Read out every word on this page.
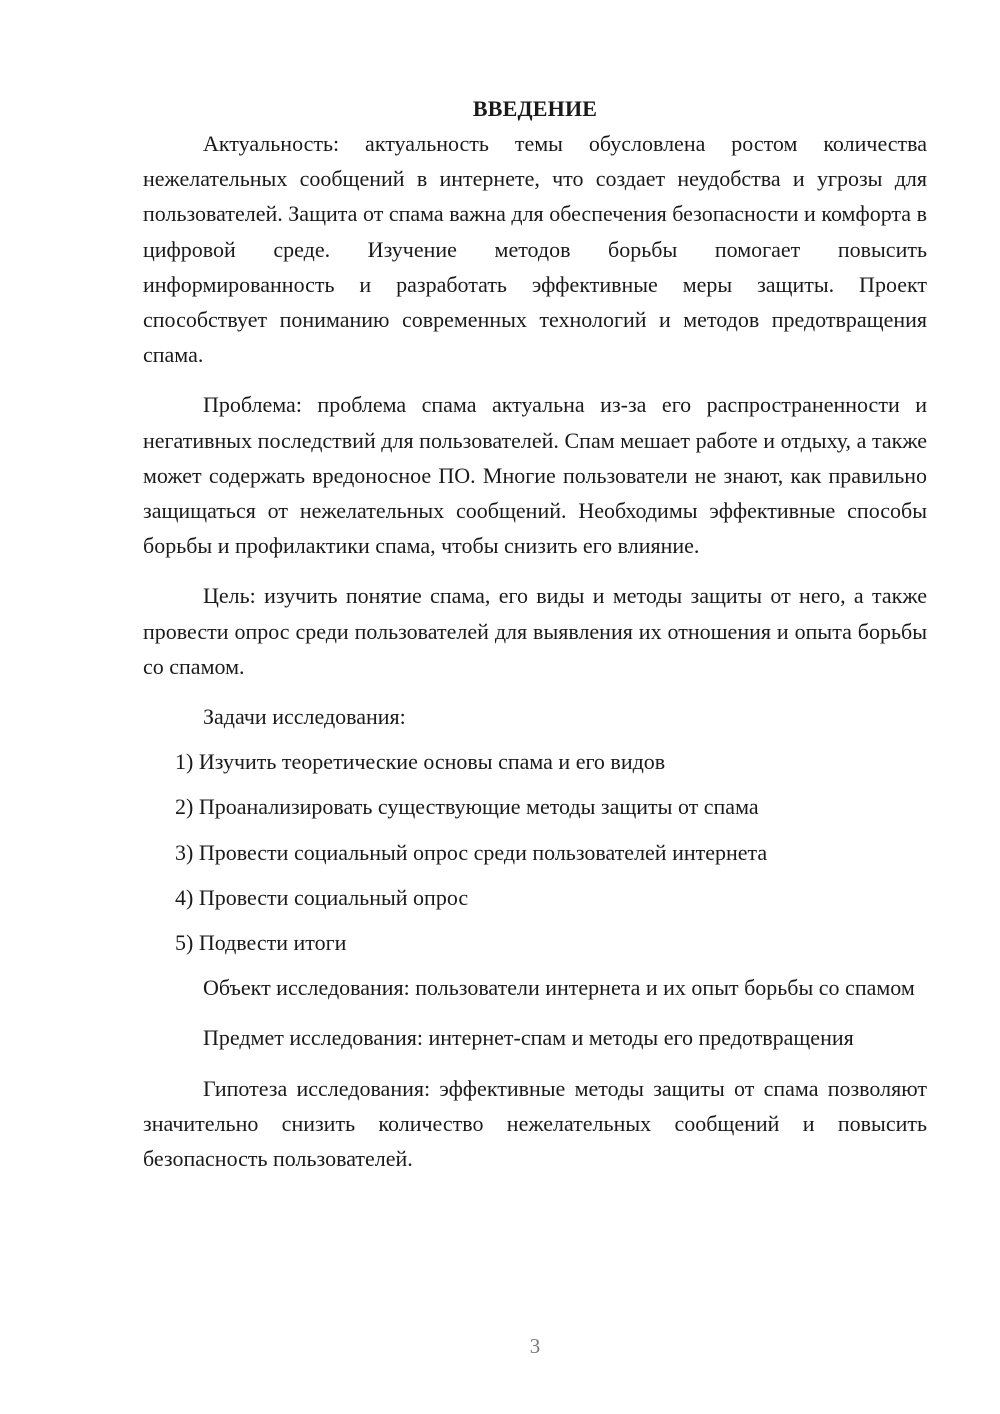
ВВЕДЕНИЕ

Актуальность: актуальность темы обусловлена ростом количества нежелательных сообщений в интернете, что создает неудобства и угрозы для пользователей. Защита от спама важна для обеспечения безопасности и комфорта в цифровой среде. Изучение методов борьбы помогает повысить информированность и разработать эффективные меры защиты. Проект способствует пониманию современных технологий и методов предотвращения спама.

Проблема: проблема спама актуальна из-за его распространенности и негативных последствий для пользователей. Спам мешает работе и отдыху, а также может содержать вредоносное ПО. Многие пользователи не знают, как правильно защищаться от нежелательных сообщений. Необходимы эффективные способы борьбы и профилактики спама, чтобы снизить его влияние.

Цель: изучить понятие спама, его виды и методы защиты от него, а также провести опрос среди пользователей для выявления их отношения и опыта борьбы со спамом.

Задачи исследования:
1) Изучить теоретические основы спама и его видов
2) Проанализировать существующие методы защиты от спама
3) Провести социальный опрос среди пользователей интернета
4) Провести социальный опрос
5) Подвести итоги

Объект исследования: пользователи интернета и их опыт борьбы со спамом

Предмет исследования: интернет-спам и методы его предотвращения

Гипотеза исследования: эффективные методы защиты от спама позволяют значительно снизить количество нежелательных сообщений и повысить безопасность пользователей.

3
